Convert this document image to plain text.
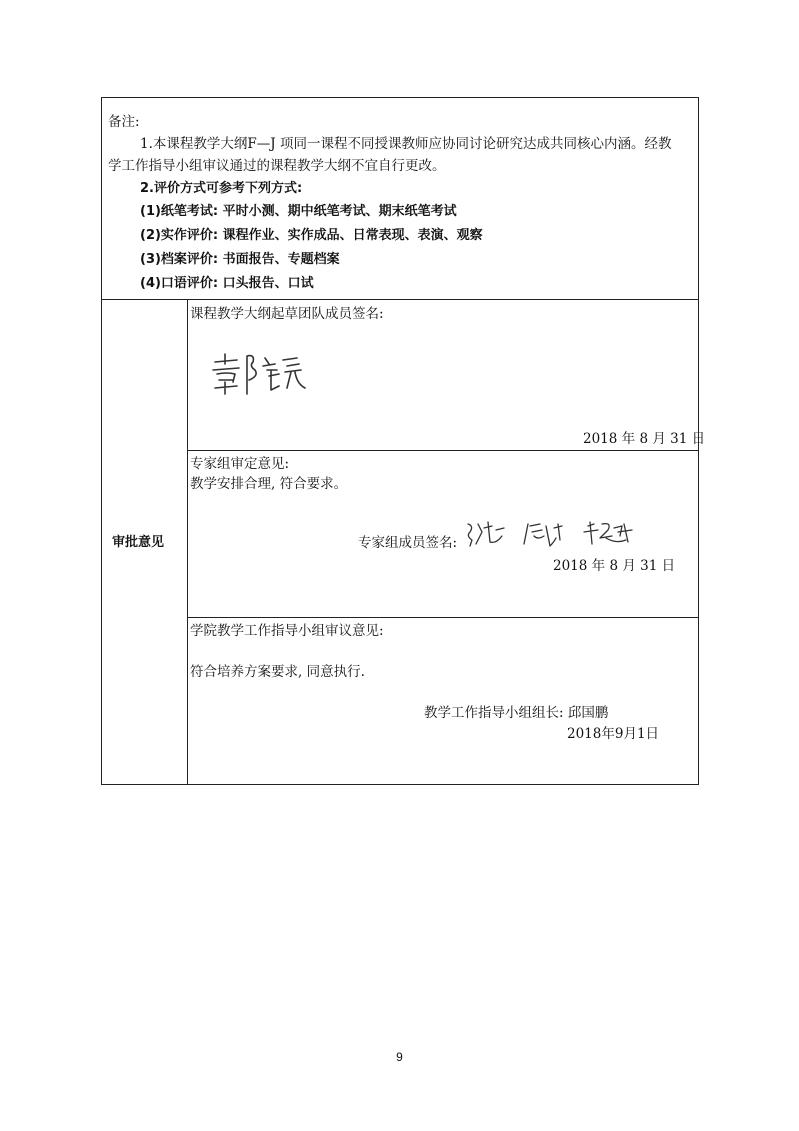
备注:
1.本课程教学大纲F—J 项同一课程不同授课教师应协同讨论研究达成共同核心内涵。经教
学工作指导小组审议通过的课程教学大纲不宜自行更改。
2.评价方式可参考下列方式:
(1)纸笔考试: 平时小测、期中纸笔考试、期末纸笔考试
(2)实作评价: 课程作业、实作成品、日常表现、表演、观察
(3)档案评价: 书面报告、专题档案
(4)口语评价: 口头报告、口试
审批意见
课程教学大纲起草团队成员签名:
2018 年 8 月 31 日
专家组审定意见:
教学安排合理, 符合要求。
专家组成员签名:
2018 年 8 月 31 日
学院教学工作指导小组审议意见:
符合培养方案要求, 同意执行.
教学工作指导小组组长: 邱国鹏
2018年9月1日
9
